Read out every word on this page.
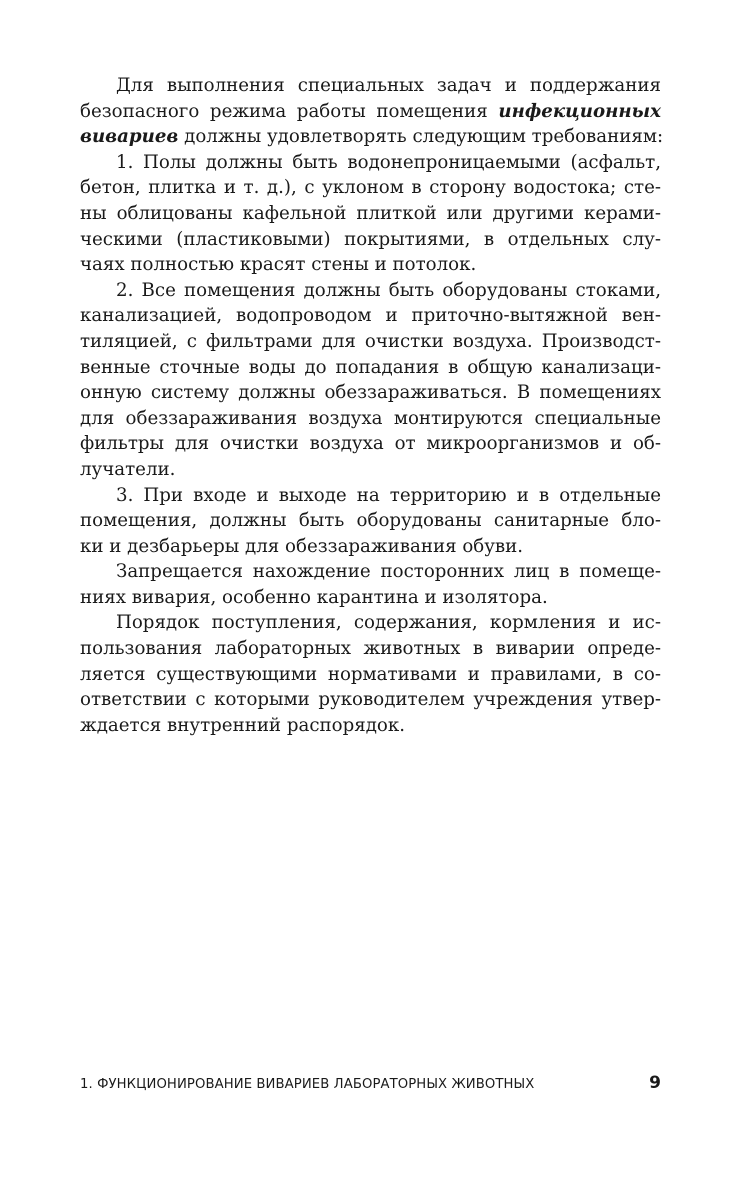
Для выполнения специальных задач и поддержания
безопасного режима работы помещения инфекционных
вивариев должны удовлетворять следующим требованиям:
1. Полы должны быть водонепроницаемыми (асфальт,
бетон, плитка и т. д.), с уклоном в сторону водостока; сте-
ны облицованы кафельной плиткой или другими керами-
ческими (пластиковыми) покрытиями, в отдельных слу-
чаях полностью красят стены и потолок.
2. Все помещения должны быть оборудованы стоками,
канализацией, водопроводом и приточно-вытяжной вен-
тиляцией, с фильтрами для очистки воздуха. Производст-
венные сточные воды до попадания в общую канализаци-
онную систему должны обеззараживаться. В помещениях
для обеззараживания воздуха монтируются специальные
фильтры для очистки воздуха от микроорганизмов и об-
лучатели.
3. При входе и выходе на территорию и в отдельные
помещения, должны быть оборудованы санитарные бло-
ки и дезбарьеры для обеззараживания обуви.
Запрещается нахождение посторонних лиц в помеще-
ниях вивария, особенно карантина и изолятора.
Порядок поступления, содержания, кормления и ис-
пользования лабораторных животных в виварии опреде-
ляется существующими нормативами и правилами, в со-
ответствии с которыми руководителем учреждения утвер-
ждается внутренний распорядок.
1. ФУНКЦИОНИРОВАНИЕ ВИВАРИЕВ ЛАБОРАТОРНЫХ ЖИВОТНЫХ	9
